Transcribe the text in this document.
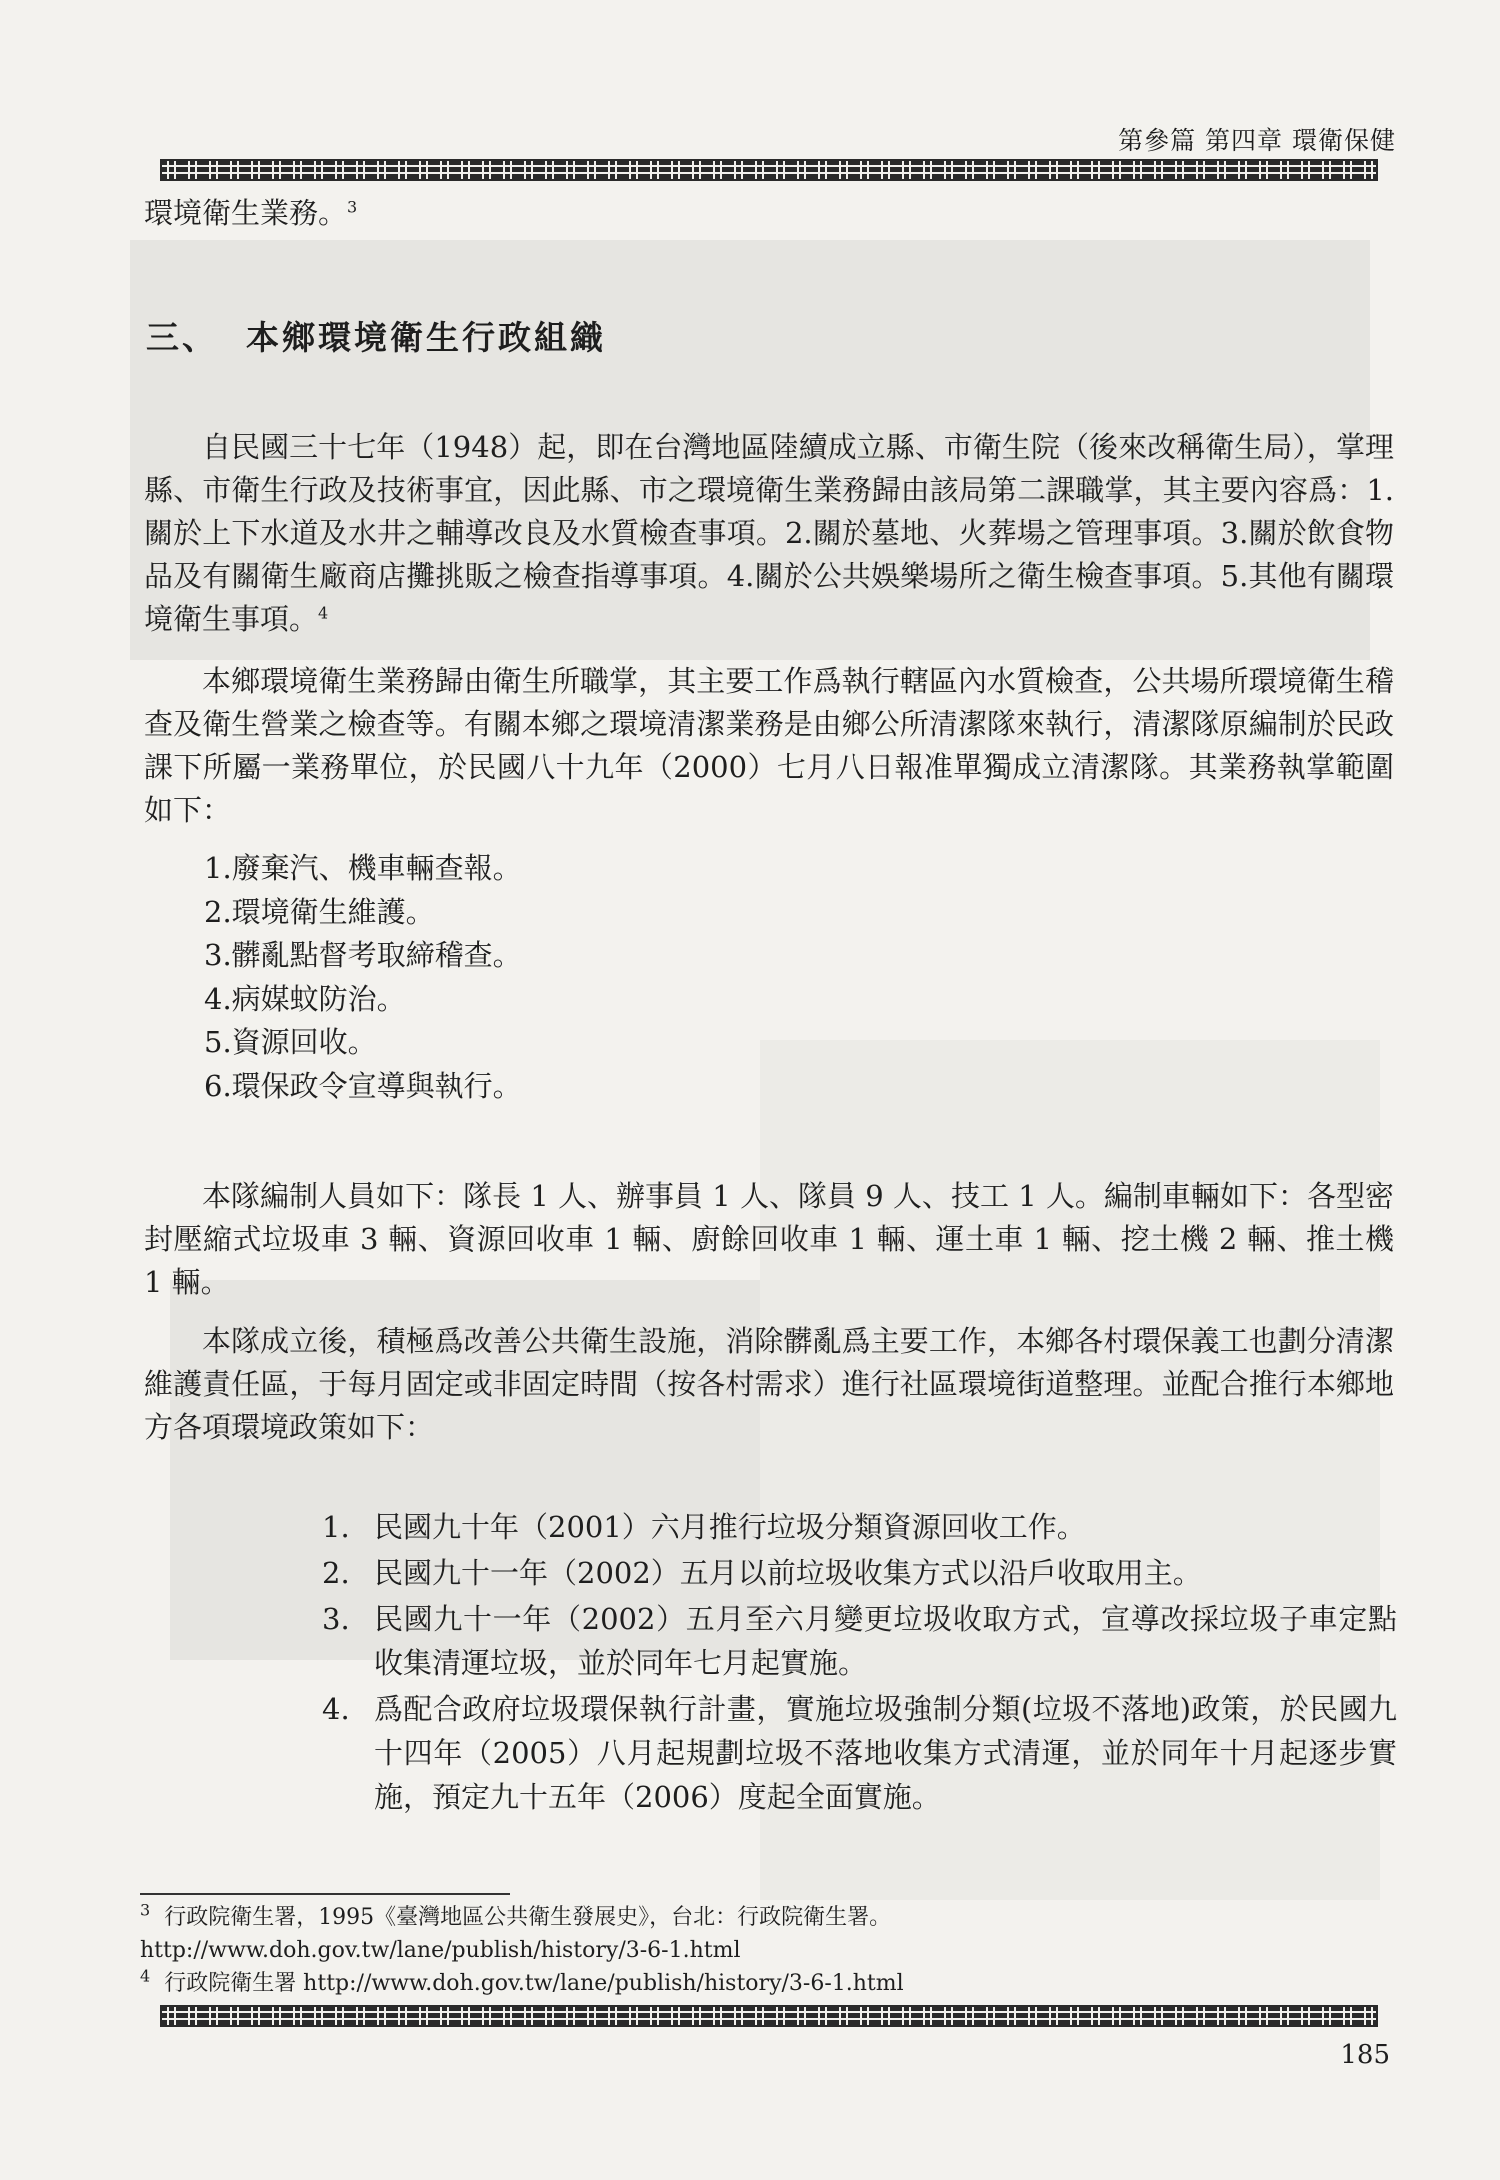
第參篇 第四章 環衛保健
環境衛生業務。$^3$
三、 本鄉環境衛生行政組織

自民國三十七年（1948）起，即在台灣地區陸續成立縣、市衛生院（後來改稱衛生局），掌理縣、市衛生行政及技術事宜，因此縣、市之環境衛生業務歸由該局第二課職掌，其主要內容爲：1.關於上下水道及水井之輔導改良及水質檢查事項。2.關於墓地、火葬場之管理事項。3.關於飲食物品及有關衛生廠商店攤挑販之檢查指導事項。4.關於公共娛樂場所之衛生檢查事項。5.其他有關環境衛生事項。$^4$

本鄉環境衛生業務歸由衛生所職掌，其主要工作爲執行轄區內水質檢查，公共場所環境衛生稽查及衛生營業之檢查等。有關本鄉之環境清潔業務是由鄉公所清潔隊來執行，清潔隊原編制於民政課下所屬一業務單位，於民國八十九年（2000）七月八日報准單獨成立清潔隊。其業務執掌範圍如下：

1.廢棄汽、機車輛查報。
2.環境衛生維護。
3.髒亂點督考取締稽查。
4.病媒蚊防治。
5.資源回收。
6.環保政令宣導與執行。

本隊編制人員如下：隊長 1 人、辦事員 1 人、隊員 9 人、技工 1 人。編制車輛如下：各型密封壓縮式垃圾車 3 輛、資源回收車 1 輛、廚餘回收車 1 輛、運土車 1 輛、挖土機 2 輛、推土機 1 輛。

本隊成立後，積極爲改善公共衛生設施，消除髒亂爲主要工作，本鄉各村環保義工也劃分清潔維護責任區，于每月固定或非固定時間（按各村需求）進行社區環境街道整理。並配合推行本鄉地方各項環境政策如下：

1. 民國九十年（2001）六月推行垃圾分類資源回收工作。
2. 民國九十一年（2002）五月以前垃圾收集方式以沿戶收取用主。
3. 民國九十一年（2002）五月至六月變更垃圾收取方式，宣導改採垃圾子車定點收集清運垃圾，並於同年七月起實施。
4. 爲配合政府垃圾環保執行計畫，實施垃圾強制分類(垃圾不落地)政策，於民國九十四年（2005）八月起規劃垃圾不落地收集方式清運，並於同年十月起逐步實施，預定九十五年（2006）度起全面實施。
$^3$ 行政院衛生署，1995《臺灣地區公共衛生發展史》，台北：行政院衛生署。
http://www.doh.gov.tw/lane/publish/history/3-6-1.html
$^4$ 行政院衛生署 http://www.doh.gov.tw/lane/publish/history/3-6-1.html
185
